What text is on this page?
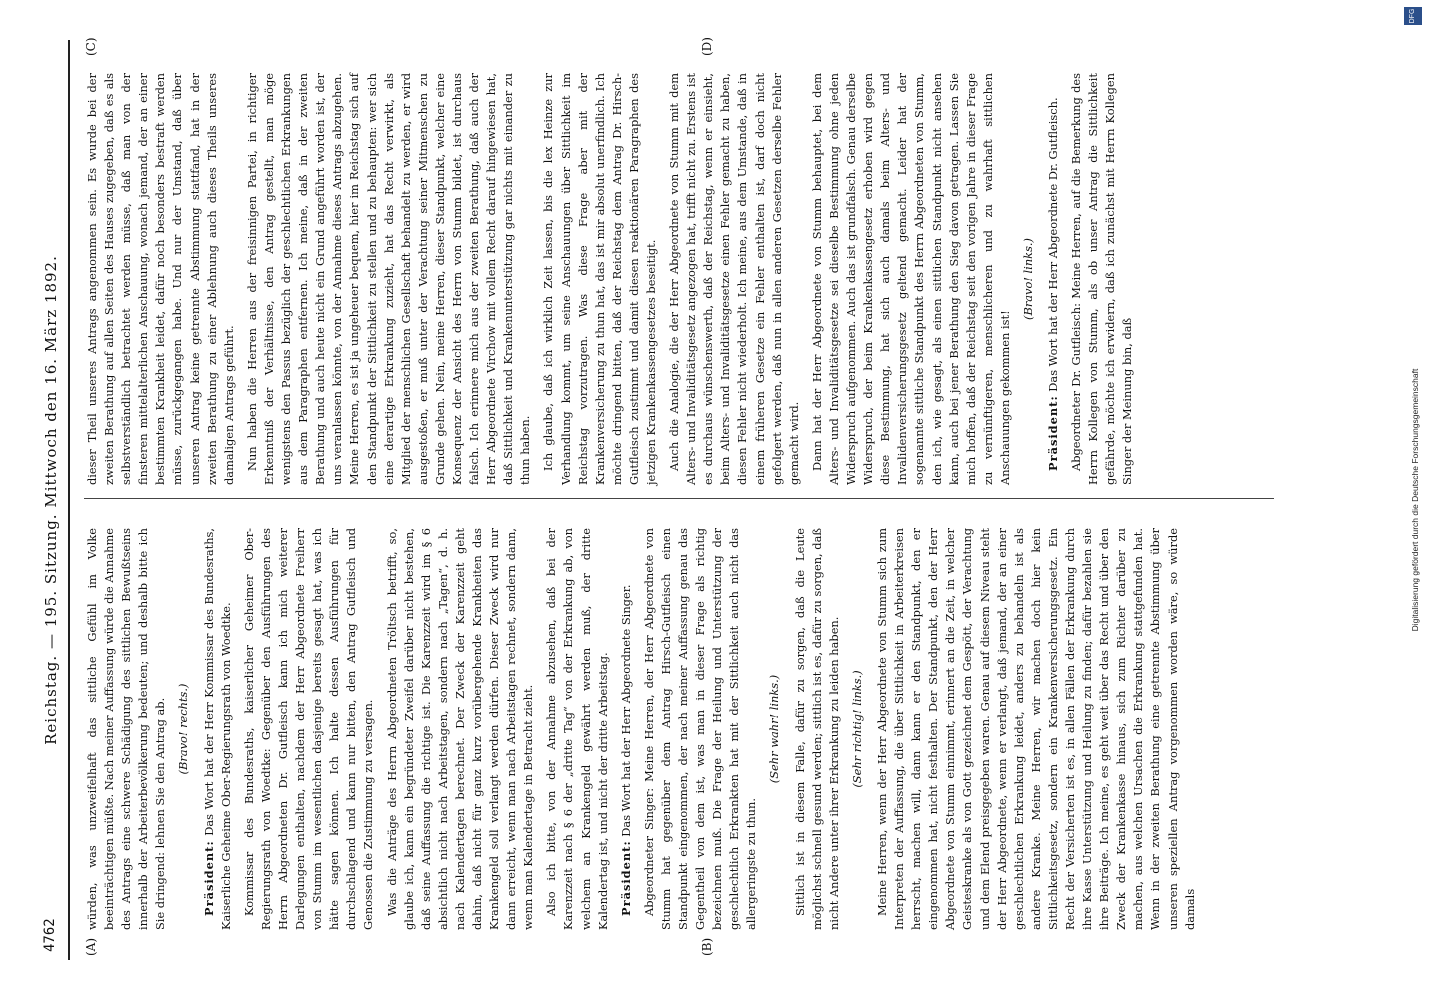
4762
Reichstag. — 195. Sitzung. Mittwoch den 16. März 1892.
(A)	(B)
(C)	(D)

würden, was unzweifelhaft das sittliche Gefühl im Volke beeinträchtigen müßte. Nach meiner Auffassung würde die Annahme des Antrags eine schwere Schädigung des sittlichen Bewußtseins innerhalb der Arbeiterbevölkerung bedeuten; und deshalb bitte ich Sie dringend: lehnen Sie den Antrag ab. (Bravo! rechts.)

Präsident: Das Wort hat der Herr Kommissar des Bundesraths, Kaiserliche Geheime Ober-Regierungsrath von Woedtke. Kommissar des Bundesraths, kaiserlicher Geheimer Ober-Regierungsrath von Woedtke: Gegenüber den Ausführungen des Herrn Abgeordneten Dr. Gutfleisch kann ich mich weiterer Darlegungen enthalten, nachdem der Herr Abgeordnete Freiherr von Stumm im wesentlichen dasjenige bereits gesagt hat, was ich hätte sagen können. Ich halte dessen Ausführungen für durchschlagend und kann nur bitten, den Antrag Gutfleisch und Genossen die Zustimmung zu versagen. Was die Anträge des Herrn Abgeordneten Tröltsch betrifft, so, glaube ich, kann ein begründeter Zweifel darüber nicht bestehen, daß seine Auffassung die richtige ist. Die Karenzzeit wird im § 6 absichtlich nicht nach Arbeitstagen, sondern nach „Tagen“, d. h. nach Kalendertagen berechnet. Der Zweck der Karenzzeit geht dahin, daß nicht für ganz kurz vorübergehende Krankheiten das Krankengeld soll verlangt werden dürfen. Dieser Zweck wird nur dann erreicht, wenn man nach Arbeitstagen rechnet, sondern dann, wenn man Kalendertage in Betracht zieht. Also ich bitte, von der Annahme abzusehen, daß bei der Karenzzeit nach § 6 der „dritte Tag“ von der Erkrankung ab, von welchem an Krankengeld gewährt werden muß, der dritte Kalendertag ist, und nicht der dritte Arbeitstag. Präsident: Das Wort hat der Herr Abgeordnete Singer. Abgeordneter Singer: Meine Herren, der Herr Abgeordnete von Stumm hat gegenüber dem Antrag Hirsch-Gutfleisch einen Standpunkt eingenommen, der nach meiner Auffassung genau das Gegentheil von dem ist, was man in dieser Frage als richtig bezeichnen muß. Die Frage der Heilung und Unterstützung der geschlechtlich Erkrankten hat mit der Sittlichkeit auch nicht das allergeringste zu thun.

(Sehr wahr! links.) Sittlich ist in diesem Falle, dafür zu sorgen, daß die Leute möglichst schnell gesund werden; sittlich ist es, dafür zu sorgen, daß nicht Andere unter ihrer Erkrankung zu leiden haben. (Sehr richtig! links.) Meine Herren, wenn der Herr Abgeordnete von Stumm sich zum Interpreten der Auffassung, die über Sittlichkeit in Arbeiterkreisen herrscht, machen will, dann kann er den Standpunkt, den er eingenommen hat, nicht festhalten. Der Standpunkt, den der Herr Abgeordnete von Stumm einnimmt, erinnert an die Zeit, in welcher Geisteskranke als von Gott gezeichnet dem Gespött, der Verachtung und dem Elend preisgegeben waren. Genau auf diesem Niveau steht der Herr Abgeordnete, wenn er verlangt, daß jemand, der an einer geschlechtlichen Erkrankung leidet, anders zu behandeln ist als andere Kranke. Meine Herren, wir machen doch hier kein Sittlichkeitsgesetz, sondern ein Krankenversicherungsgesetz. Ein Recht der Versicherten ist es, in allen Fällen der Erkrankung durch ihre Kasse Unterstützung und Heilung zu finden; dafür bezahlen sie ihre Beiträge. Ich meine, es geht weit über das Recht und über den Zweck der Krankenkasse hinaus, sich zum Richter darüber zu machen, aus welchen Ursachen die Erkrankung stattgefunden hat. Wenn in der zweiten Berathung eine getrennte Abstimmung über unseren speziellen Antrag vorgenommen worden wäre, so würde damals

dieser Theil unseres Antrags angenommen sein. Es wurde bei der zweiten Berathung auf allen Seiten des Hauses zugegeben, daß es als selbstverständlich betrachtet werden müsse, daß man von der finsteren mittelalterlichen Anschauung, wonach jemand, der an einer bestimmten Krankheit leidet, dafür noch besonders bestraft werden müsse, zurückgegangen habe. Und nur der Umstand, daß über unseren Antrag keine getrennte Abstimmung stattfand, hat in der zweiten Berathung zu einer Ablehnung auch dieses Theils unseres damaligen Antrags geführt. Nun haben die Herren aus der freisinnigen Partei, in richtiger Erkenntniß der Verhältnisse, den Antrag gestellt, man möge wenigstens den Passus bezüglich der geschlechtlichen Erkrankungen aus dem Paragraphen entfernen. Ich meine, daß in der zweiten Berathung und auch heute nicht ein Grund angeführt worden ist, der uns veranlassen könnte, von der Annahme dieses Antrags abzugehen. Meine Herren, es ist ja ungeheuer bequem, hier im Reichstag sich auf den Standpunkt der Sittlichkeit zu stellen und zu behaupten: wer sich eine derartige Erkrankung zuzieht, hat das Recht verwirkt, als Mitglied der menschlichen Gesellschaft behandelt zu werden, er wird ausgestoßen, er muß unter der Verachtung seiner Mitmenschen zu Grunde gehen. Nein, meine Herren, dieser Standpunkt, welcher eine Konsequenz der Ansicht des Herrn von Stumm bildet, ist durchaus falsch. Ich erinnere mich aus der zweiten Berathung, daß auch der Herr Abgeordnete Virchow mit vollem Recht darauf hingewiesen hat, daß Sittlichkeit und Krankenunterstützung gar nichts mit einander zu thun haben. Ich glaube, daß ich wirklich Zeit lassen, bis die lex Heinze zur Verhandlung kommt, um seine Anschauungen über Sittlichkeit im Reichstag vorzutragen. Was diese Frage aber mit der Krankenversicherung zu thun hat, das ist mir absolut unerfindlich. Ich möchte dringend bitten, daß der Reichstag dem Antrag Dr. Hirsch-Gutfleisch zustimmt und damit diesen reaktionären Paragraphen des jetzigen Krankenkassengesetzes beseitigt. Auch die Analogie, die der Herr Abgeordnete von Stumm mit dem Alters- und Invaliditätsgesetz angezogen hat, trifft nicht zu. Erstens ist es durchaus wünschenswerth, daß der Reichstag, wenn er einsieht, beim Alters- und Invaliditätsgesetze einen Fehler gemacht zu haben, diesen Fehler nicht wiederholt. Ich meine, aus dem Umstande, daß in einem früheren Gesetze ein Fehler enthalten ist, darf doch nicht gefolgert werden, daß nun in allen anderen Gesetzen derselbe Fehler gemacht wird. Dann hat der Herr Abgeordnete von Stumm behauptet, bei dem Alters- und Invaliditätsgesetze sei dieselbe Bestimmung ohne jeden Widerspruch aufgenommen. Auch das ist grundfalsch. Genau derselbe Widerspruch, der beim Krankenkassengesetz erhoben wird gegen diese Bestimmung, hat sich auch damals beim Alters- und Invalidenversicherungsgesetz geltend gemacht. Leider hat der sogenannte sittliche Standpunkt des Herrn Abgeordneten von Stumm, den ich, wie gesagt, als einen sittlichen Standpunkt nicht ansehen kann, auch bei jener Berathung den Sieg davon getragen. Lassen Sie mich hoffen, daß der Reichstag seit den vorigen Jahre in dieser Frage zu vernünftigeren, menschlicheren und zu wahrhaft sittlichen Anschauungen gekommen ist!

(Bravo! links.)

Präsident: Das Wort hat der Herr Abgeordnete Dr. Gutfleisch. Abgeordneter Dr. Gutfleisch: Meine Herren, auf die Bemerkung des Herrn Kollegen von Stumm, als ob unser Antrag die Sittlichkeit gefährde, möchte ich erwidern, daß ich zunächst mit Herrn Kollegen Singer der Meinung bin, daß	Digitalisierung gefördert durch die Deutsche Forschungsgemeinschaft
DFG
